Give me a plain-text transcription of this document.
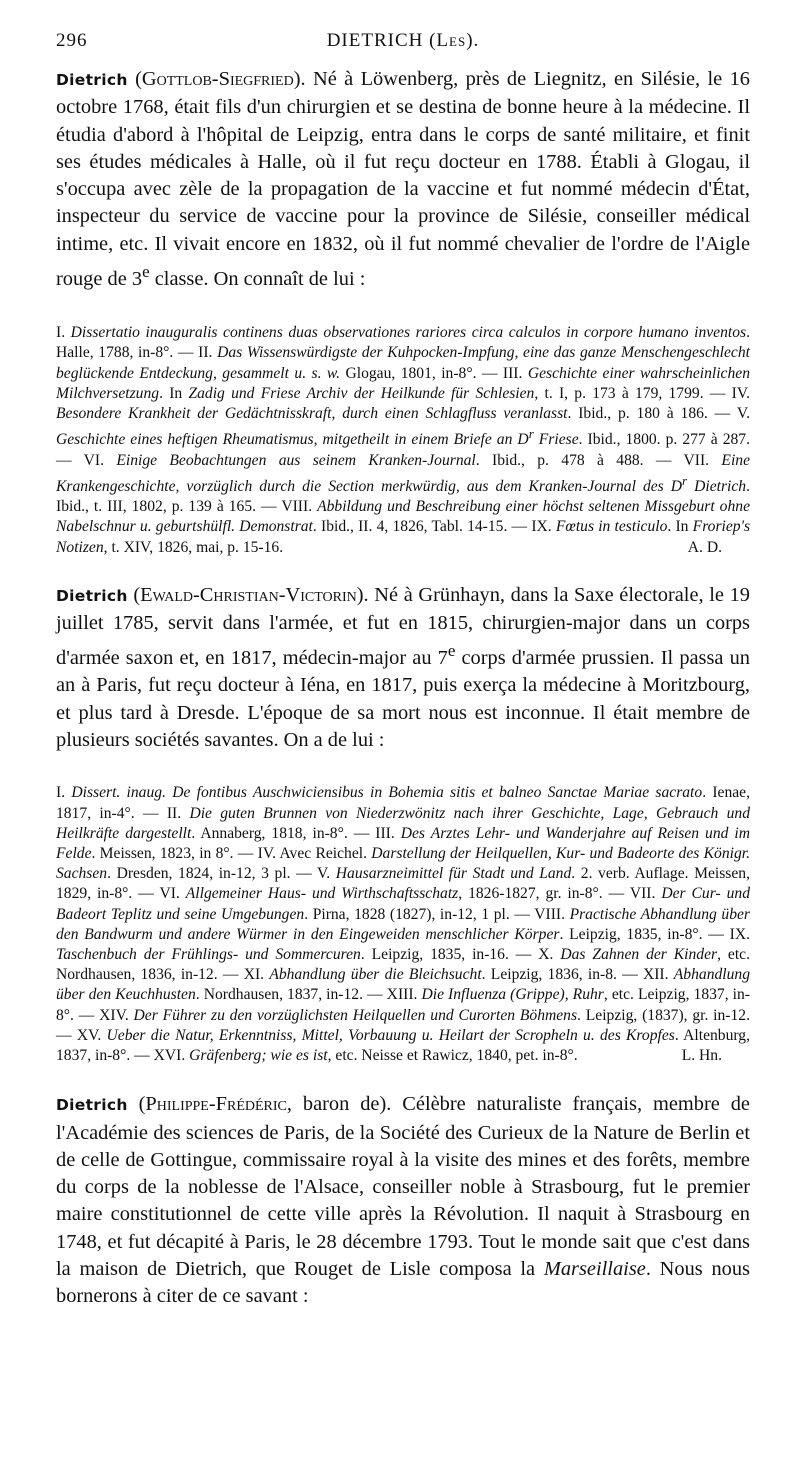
296	DIETRICH (Les).

Dietrich (Gottlob-Siegfried). Né à Löwenberg, près de Liegnitz, en Silésie, le 16 octobre 1768, était fils d'un chirurgien et se destina de bonne heure à la médecine. Il étudia d'abord à l'hôpital de Leipzig, entra dans le corps de santé militaire, et finit ses études médicales à Halle, où il fut reçu docteur en 1788. Établi à Glogau, il s'occupa avec zèle de la propagation de la vaccine et fut nommé médecin d'État, inspecteur du service de vaccine pour la province de Silésie, conseiller médical intime, etc. Il vivait encore en 1832, où il fut nommé chevalier de l'ordre de l'Aigle rouge de 3e classe. On connaît de lui :

I. Dissertatio inauguralis continens duas observationes rariores circa calculos in corpore humano inventos. Halle, 1788, in-8°. — II. Das Wissenswürdigste der Kuhpocken-Impfung, eine das ganze Menschengeschlecht beglückende Entdeckung, gesammelt u. s. w. Glogau, 1801, in-8°. — III. Geschichte einer wahrscheinlichen Milchversetzung. In Zadig und Friese Archiv der Heilkunde für Schlesien, t. I, p. 173 à 179, 1799. — IV. Besondere Krankheit der Gedächtnisskraft, durch einen Schlagfluss veranlasst. Ibid., p. 180 à 186. — V. Geschichte eines heftigen Rheumatismus, mitgetheilt in einem Briefe an $D^r$ Friese. Ibid., 1800. p. 277 à 287. — VI. Einige Beobachtungen aus seinem Kranken-Journal. Ibid., p. 478 à 488. — VII. Eine Krankengeschichte, vorzüglich durch die Section merkwürdig, aus dem Kranken-Journal des $D^r$ Dietrich. Ibid., t. III, 1802, p. 139 à 165. — VIII. Abbildung und Beschreibung einer höchst seltenen Missgeburt ohne Nabelschnur u. geburtshülfl. Demonstrat. Ibid., II. 4, 1826, Tabl. 14-15. — IX. Fœtus in testiculo. In Froriep's Notizen, t. XIV, 1826, mai, p. 15-16.	A. D.

Dietrich (Ewald-Christian-Victorin). Né à Grünhayn, dans la Saxe électorale, le 19 juillet 1785, servit dans l'armée, et fut en 1815, chirurgien-major dans un corps d'armée saxon et, en 1817, médecin-major au 7e corps d'armée prussien. Il passa un an à Paris, fut reçu docteur à Iéna, en 1817, puis exerça la médecine à Moritzbourg, et plus tard à Dresde. L'époque de sa mort nous est inconnue. Il était membre de plusieurs sociétés savantes. On a de lui :

I. Dissert. inaug. De fontibus Auschwiciensibus in Bohemia sitis et balneo Sanctae Mariae sacrato. Ienae, 1817, in-4°. — II. Die guten Brunnen von Niederzwönitz nach ihrer Geschichte, Lage, Gebrauch und Heilkräfte dargestellt. Annaberg, 1818, in-8°. — III. Des Arztes Lehr- und Wanderjahre auf Reisen und im Felde. Meissen, 1823, in 8°. — IV. Avec Reichel. Darstellung der Heilquellen, Kur- und Badeorte des Königr. Sachsen. Dresden, 1824, in-12, 3 pl. — V. Hausarzneimittel für Stadt und Land. 2. verb. Auflage. Meissen, 1829, in-8°. — VI. Allgemeiner Haus- und Wirthschaftsschatz, 1826-1827, gr. in-8°. — VII. Der Cur- und Badeort Teplitz und seine Umgebungen. Pirna, 1828 (1827), in-12, 1 pl. — VIII. Practische Abhandlung über den Bandwurm und andere Würmer in den Eingeweiden menschlicher Körper. Leipzig, 1835, in-8°. — IX. Taschenbuch der Frühlings- und Sommercuren. Leipzig, 1835, in-16. — X. Das Zahnen der Kinder, etc. Nordhausen, 1836, in-12. — XI. Abhandlung über die Bleichsucht. Leipzig, 1836, in-8. — XII. Abhandlung über den Keuchhusten. Nordhausen, 1837, in-12. — XIII. Die Influenza (Grippe), Ruhr, etc. Leipzig, 1837, in-8°. — XIV. Der Führer zu den vorzüglichsten Heilquellen und Curorten Böhmens. Leipzig, (1837), gr. in-12. — XV. Ueber die Natur, Erkenntniss, Mittel, Vorbauung u. Heilart der Scropheln u. des Kropfes. Altenburg, 1837, in-8°. — XVI. Gräfenberg; wie es ist, etc. Neisse et Rawicz, 1840, pet. in-8°.	L. Hn.

Dietrich (Philippe-Frédéric, baron de). Célèbre naturaliste français, membre de l'Académie des sciences de Paris, de la Société des Curieux de la Nature de Berlin et de celle de Gottingue, commissaire royal à la visite des mines et des forêts, membre du corps de la noblesse de l'Alsace, conseiller noble à Strasbourg, fut le premier maire constitutionnel de cette ville après la Révolution. Il naquit à Strasbourg en 1748, et fut décapité à Paris, le 28 décembre 1793. Tout le monde sait que c'est dans la maison de Dietrich, que Rouget de Lisle composa la Marseillaise. Nous nous bornerons à citer de ce savant :
